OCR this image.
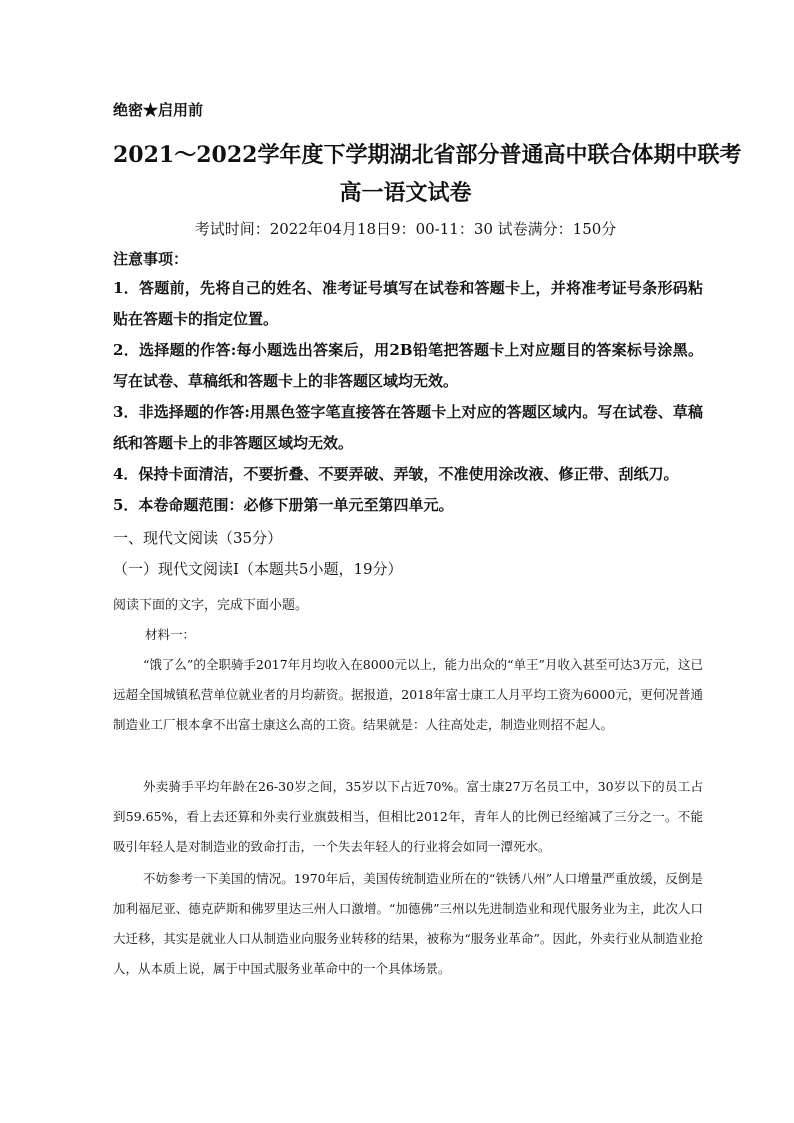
绝密★启用前
2021～2022学年度下学期湖北省部分普通高中联合体期中联考
高一语文试卷
考试时间：2022年04月18日9：00-11：30 试卷满分：150分
注意事项：
1．答题前，先将自己的姓名、准考证号填写在试卷和答题卡上，并将准考证号条形码粘贴在答题卡的指定位置。
2．选择题的作答:每小题选出答案后，用2B铅笔把答题卡上对应题目的答案标号涂黑。写在试卷、草稿纸和答题卡上的非答题区域均无效。
3．非选择题的作答:用黑色签字笔直接答在答题卡上对应的答题区域内。写在试卷、草稿纸和答题卡上的非答题区域均无效。
4．保持卡面清洁，不要折叠、不要弄破、弄皱，不准使用涂改液、修正带、刮纸刀。
5．本卷命题范围：必修下册第一单元至第四单元。
一、现代文阅读（35分）
（一）现代文阅读Ⅰ（本题共5小题，19分）
阅读下面的文字，完成下面小题。
材料一：
“饿了么”的全职骑手2017年月均收入在8000元以上，能力出众的“单王”月收入甚至可达3万元，这已远超全国城镇私营单位就业者的月均薪资。据报道，2018年富士康工人月平均工资为6000元，更何况普通制造业工厂根本拿不出富士康这么高的工资。结果就是：人往高处走，制造业则招不起人。
外卖骑手平均年龄在26-30岁之间，35岁以下占近70%。富士康27万名员工中，30岁以下的员工占到59.65%，看上去还算和外卖行业旗鼓相当，但相比2012年，青年人的比例已经缩减了三分之一。不能吸引年轻人是对制造业的致命打击，一个失去年轻人的行业将会如同一潭死水。
不妨参考一下美国的情况。1970年后，美国传统制造业所在的“铁锈八州”人口增量严重放缓，反倒是加利福尼亚、德克萨斯和佛罗里达三州人口激增。“加德佛”三州以先进制造业和现代服务业为主，此次人口大迁移，其实是就业人口从制造业向服务业转移的结果，被称为“服务业革命”。因此，外卖行业从制造业抢人，从本质上说，属于中国式服务业革命中的一个具体场景。
